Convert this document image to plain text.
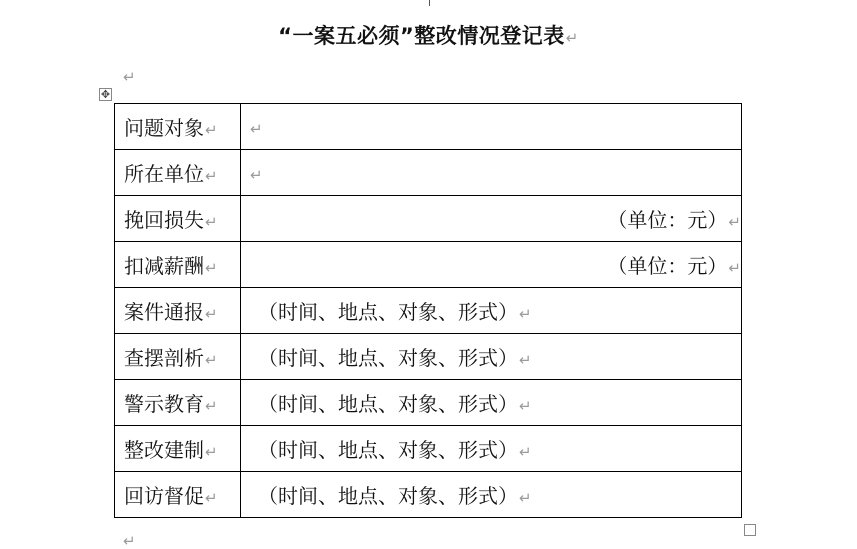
“一案五必须”整改情况登记表↵
↵
✥
问题对象↵	↵
所在单位↵	↵
挽回损失↵	（单位：元）↵
扣减薪酬↵	（单位：元）↵
案件通报↵	（时间、地点、对象、形式）↵
查摆剖析↵	（时间、地点、对象、形式）↵
警示教育↵	（时间、地点、对象、形式）↵
整改建制↵	（时间、地点、对象、形式）↵
回访督促↵	（时间、地点、对象、形式）↵
↵
